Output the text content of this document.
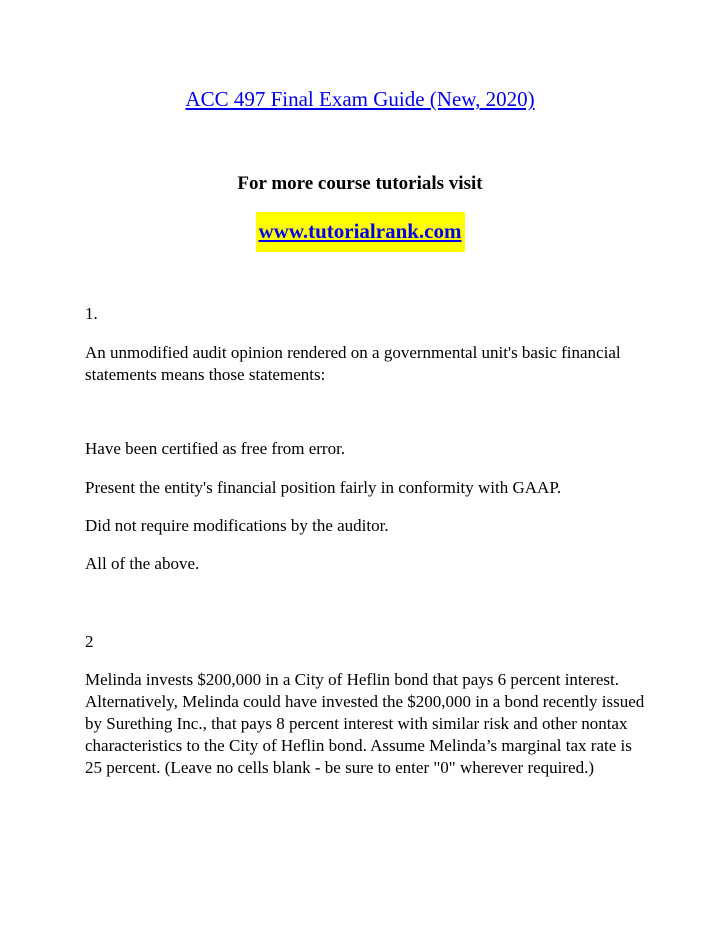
ACC 497 Final Exam Guide (New, 2020)
For more course tutorials visit
www.tutorialrank.com

1.

An unmodified audit opinion rendered on a governmental unit's basic financial statements means those statements:

Have been certified as free from error.

Present the entity's financial position fairly in conformity with GAAP.

Did not require modifications by the auditor.

All of the above.

2

Melinda invests $200,000 in a City of Heflin bond that pays 6 percent interest. Alternatively, Melinda could have invested the $200,000 in a bond recently issued by Surething Inc., that pays 8 percent interest with similar risk and other nontax characteristics to the City of Heflin bond. Assume Melinda’s marginal tax rate is 25 percent. (Leave no cells blank - be sure to enter "0" wherever required.)
